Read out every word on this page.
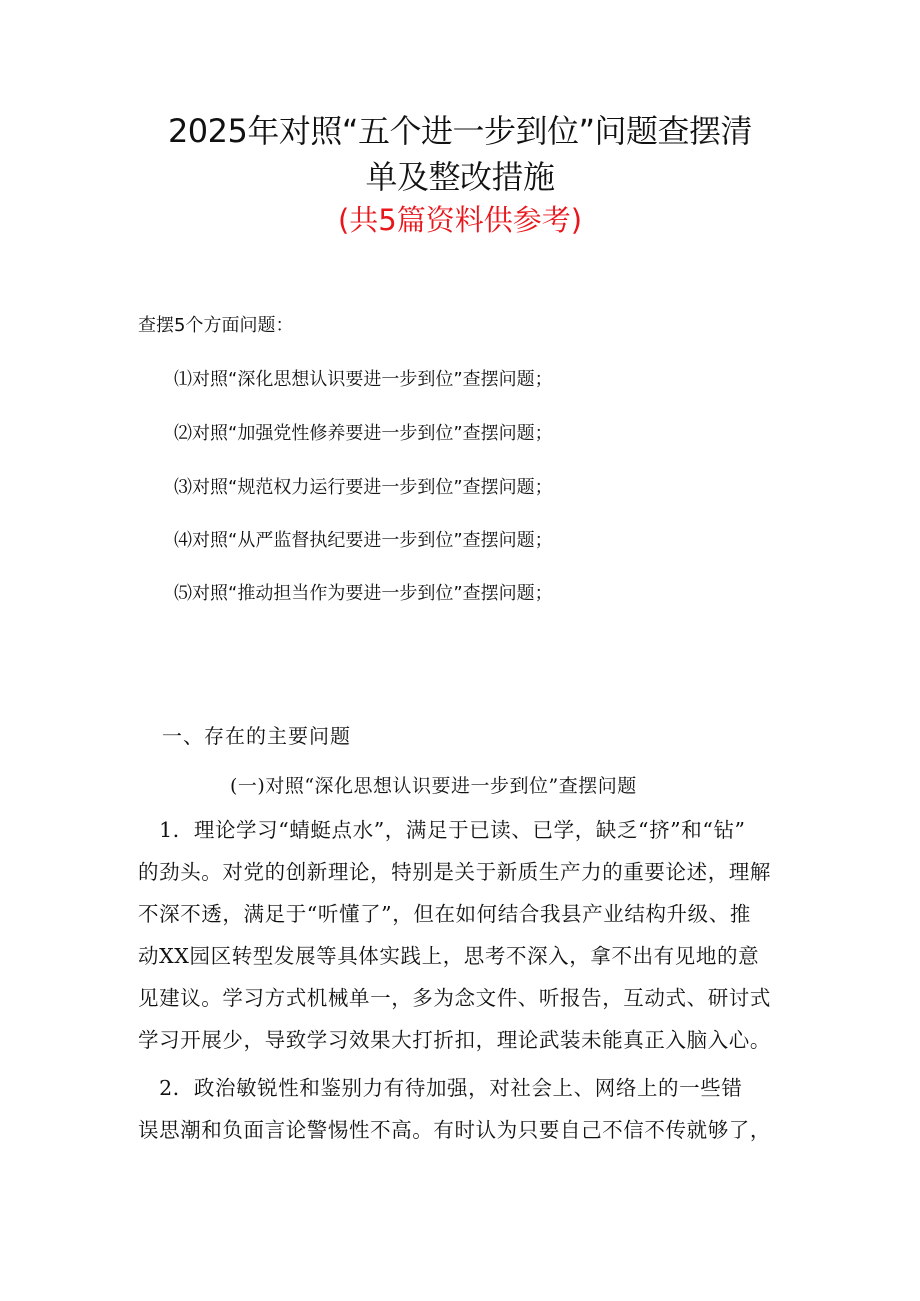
2025年对照“五个进一步到位”问题查摆清
单及整改措施
(共5篇资料供参考)
查摆5个方面问题：
⑴对照“深化思想认识要进一步到位”查摆问题；
⑵对照“加强党性修养要进一步到位”查摆问题；
⑶对照“规范权力运行要进一步到位”查摆问题；
⑷对照“从严监督执纪要进一步到位”查摆问题；
⑸对照“推动担当作为要进一步到位”查摆问题；
一、存在的主要问题
(一)对照“深化思想认识要进一步到位”查摆问题
　1．理论学习“蜻蜓点水”，满足于已读、已学，缺乏“挤”和“钻”
的劲头。对党的创新理论，特别是关于新质生产力的重要论述，理解
不深不透，满足于“听懂了”，但在如何结合我县产业结构升级、推
动XX园区转型发展等具体实践上，思考不深入，拿不出有见地的意
见建议。学习方式机械单一，多为念文件、听报告，互动式、研讨式
学习开展少，导致学习效果大打折扣，理论武装未能真正入脑入心。
　2．政治敏锐性和鉴别力有待加强，对社会上、网络上的一些错
误思潮和负面言论警惕性不高。有时认为只要自己不信不传就够了，
